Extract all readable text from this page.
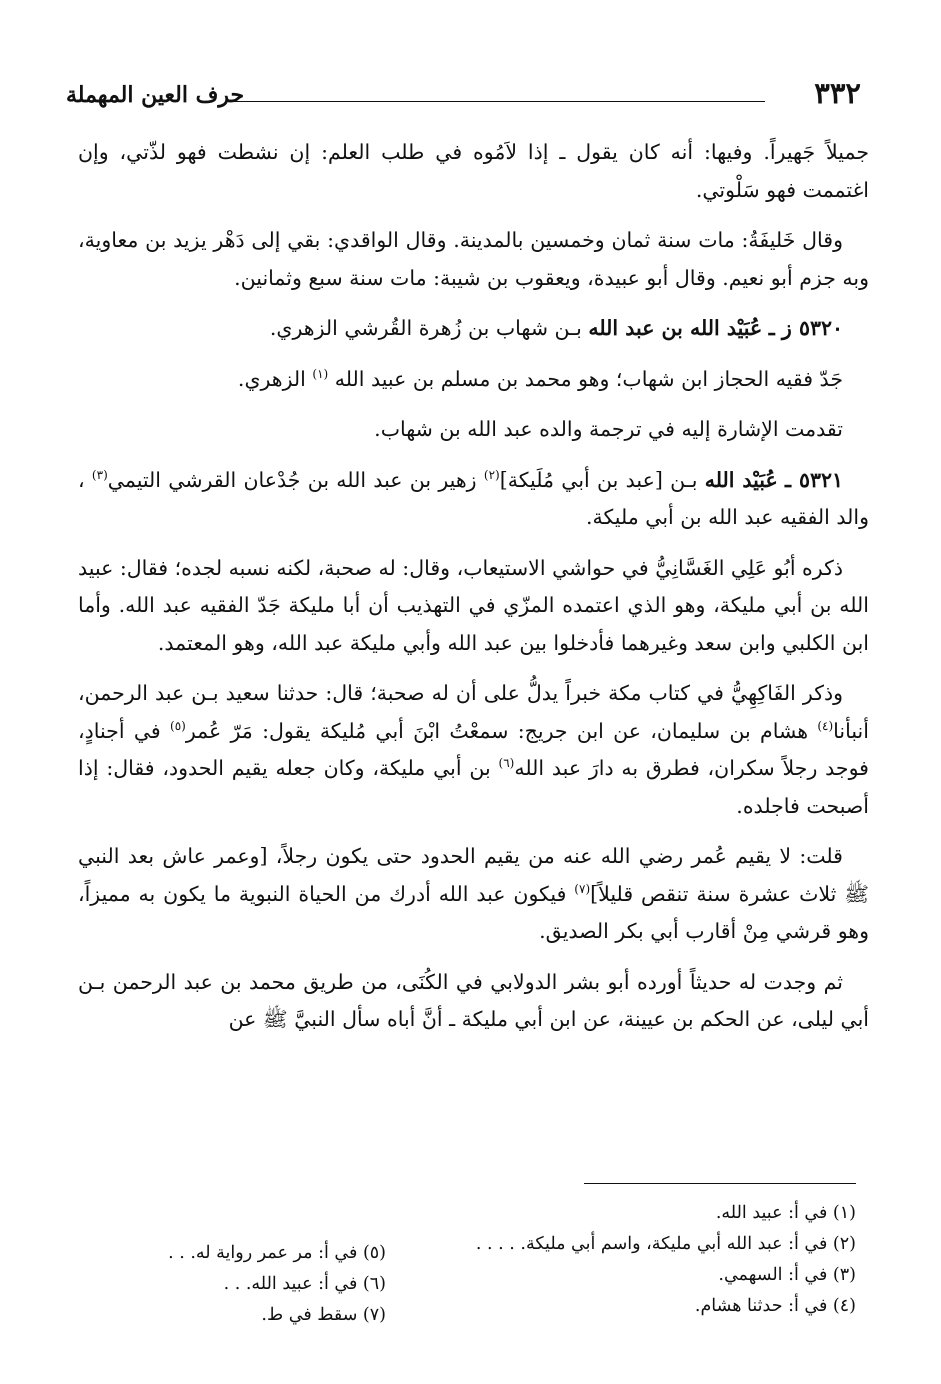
٣٣٢
حرف العين المهملة

جميلاً جَهيراً. وفيها: أنه كان يقول ـ إذا لاَمُوه في طلب العلم: إن نشطت فهو لذّتي، وإن اغتممت فهو سَلْوتي.

وقال خَليفَةُ: مات سنة ثمان وخمسين بالمدينة. وقال الواقدي: بقي إلى دَهْر يزيد بن معاوية، وبه جزم أبو نعيم. وقال أبو عبيدة، ويعقوب بن شيبة: مات سنة سبع وثمانين.

٥٣٢٠ ز ـ عُبَيْد الله بن عبد الله بـن شهاب بن زُهرة القُرشي الزهري.

جَدّ فقيه الحجاز ابن شهاب؛ وهو محمد بن مسلم بن عبيد الله $^{(١)}$ الزهري.

تقدمت الإشارة إليه في ترجمة والده عبد الله بن شهاب.

٥٣٢١ ـ عُبَيْد الله بـن [عبد بن أبي مُلَيكة]$^{(٢)}$ زهير بن عبد الله بن جُدْعان القرشي التيمي$^{(٣)}$ ، والد الفقيه عبد الله بن أبي مليكة.

ذكره أبُو عَلِي الغَسَّانِيُّ في حواشي الاستيعاب، وقال: له صحبة، لكنه نسبه لجده؛ فقال: عبيد الله بن أبي مليكة، وهو الذي اعتمده المزّي في التهذيب أن أبا مليكة جَدّ الفقيه عبد الله. وأما ابن الكلبي وابن سعد وغيرهما فأدخلوا بين عبد الله وأبي مليكة عبد الله، وهو المعتمد.

وذكر الفَاكِهِيُّ في كتاب مكة خبراً يدلُّ على أن له صحبة؛ قال: حدثنا سعيد بـن عبد الرحمن، أنبأنا$^{(٤)}$ هشام بن سليمان، عن ابن جريج: سمعْتُ ابْنَ أبي مُليكة يقول: مَرّ عُمر$^{(٥)}$ في أجنادٍ، فوجد رجلاً سكران، فطرق به دارَ عبد الله$^{(٦)}$ بن أبي مليكة، وكان جعله يقيم الحدود، فقال: إذا أصبحت فاجلده.

قلت: لا يقيم عُمر رضي الله عنه من يقيم الحدود حتى يكون رجلاً، [وعمر عاش بعد النبي ﷺ ثلاث عشرة سنة تنقص قليلاً]$^{(٧)}$ فيكون عبد الله أدرك من الحياة النبوية ما يكون به مميزاً، وهو قرشي مِنْ أقارب أبي بكر الصديق.

ثم وجدت له حديثاً أورده أبو بشر الدولابي في الكُنَى، من طريق محمد بن عبد الرحمن بـن أبي ليلى، عن الحكم بن عيينة، عن ابن أبي مليكة ـ أنَّ أباه سأل النبيَّ ﷺ عن

(١) في أ: عبيد الله.
(٢) في أ: عبد الله أبي مليكة، واسم أبي مليكة. . . . .
(٣) في أ: السهمي.
(٤) في أ: حدثنا هشام.
(٥) في أ: مر عمر رواية له. . .
(٦) في أ: عبيد الله. . .
(٧) سقط في ط.
